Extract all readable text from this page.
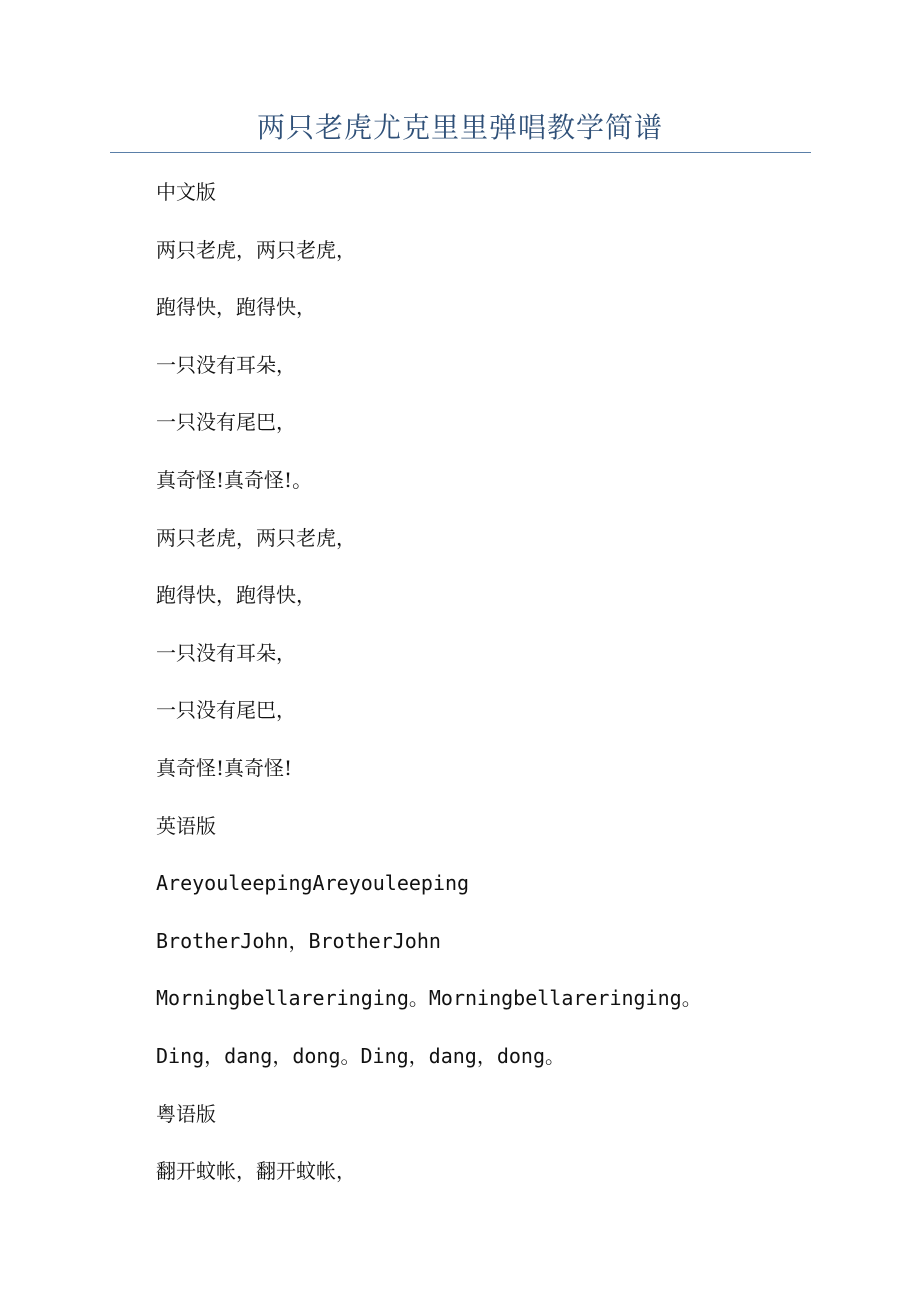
两只老虎尤克里里弹唱教学简谱
中文版
两只老虎，两只老虎，
跑得快，跑得快，
一只没有耳朵，
一只没有尾巴，
真奇怪!真奇怪!。
两只老虎，两只老虎，
跑得快，跑得快，
一只没有耳朵，
一只没有尾巴，
真奇怪!真奇怪!
英语版
AreyouleepingAreyouleeping
BrotherJohn，BrotherJohn
Morningbellareringing。Morningbellareringing。
Ding，dang，dong。Ding，dang，dong。
粤语版
翻开蚊帐，翻开蚊帐，
